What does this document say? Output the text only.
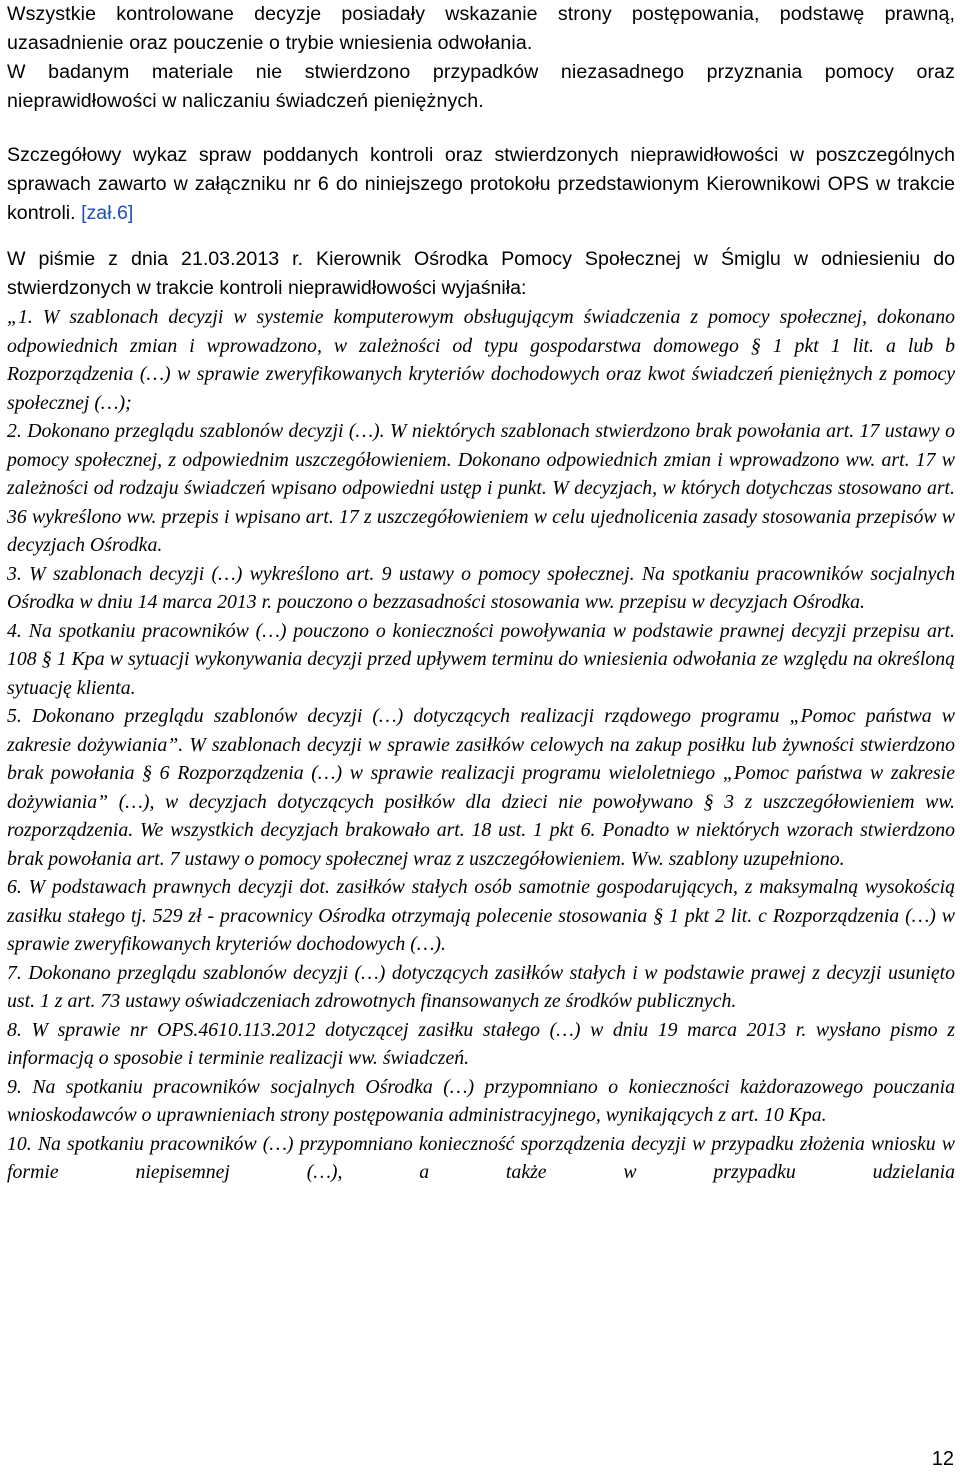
Wszystkie kontrolowane decyzje posiadały wskazanie strony postępowania, podstawę prawną, uzasadnienie oraz pouczenie o trybie wniesienia odwołania.

W badanym materiale nie stwierdzono przypadków niezasadnego przyznania pomocy oraz nieprawidłowości w naliczaniu świadczeń pieniężnych.

Szczegółowy wykaz spraw poddanych kontroli oraz stwierdzonych nieprawidłowości w poszczególnych sprawach zawarto w załączniku nr 6 do niniejszego protokołu przedstawionym Kierownikowi OPS w trakcie kontroli. [zał.6]

W piśmie z dnia 21.03.2013 r. Kierownik Ośrodka Pomocy Społecznej w Śmiglu w odniesieniu do stwierdzonych w trakcie kontroli nieprawidłowości wyjaśniła:

„1. W szablonach decyzji w systemie komputerowym obsługującym świadczenia z pomocy społecznej, dokonano odpowiednich zmian i wprowadzono, w zależności od typu gospodarstwa domowego § 1 pkt 1 lit. a lub b Rozporządzenia (…) w sprawie zweryfikowanych kryteriów dochodowych oraz kwot świadczeń pieniężnych z pomocy społecznej (…);

2. Dokonano przeglądu szablonów decyzji (…). W niektórych szablonach stwierdzono brak powołania art. 17 ustawy o pomocy społecznej, z odpowiednim uszczegółowieniem. Dokonano odpowiednich zmian i wprowadzono ww. art. 17 w zależności od rodzaju świadczeń wpisano odpowiedni ustęp i punkt. W decyzjach, w których dotychczas stosowano art. 36 wykreślono ww. przepis i wpisano art. 17 z uszczegółowieniem w celu ujednolicenia zasady stosowania przepisów w decyzjach Ośrodka.

3. W szablonach decyzji (…) wykreślono art. 9 ustawy o pomocy społecznej. Na spotkaniu pracowników socjalnych Ośrodka w dniu 14 marca 2013 r. pouczono o bezzasadności stosowania ww. przepisu w decyzjach Ośrodka.

4. Na spotkaniu pracowników (…) pouczono o konieczności powoływania w podstawie prawnej decyzji przepisu art. 108 § 1 Kpa w sytuacji wykonywania decyzji przed upływem terminu do wniesienia odwołania ze względu na określoną sytuację klienta.

5. Dokonano przeglądu szablonów decyzji (…) dotyczących realizacji rządowego programu „Pomoc państwa w zakresie dożywiania”. W szablonach decyzji w sprawie zasiłków celowych na zakup posiłku lub żywności stwierdzono brak powołania § 6 Rozporządzenia (…) w sprawie realizacji programu wieloletniego „Pomoc państwa w zakresie dożywiania” (…), w decyzjach dotyczących posiłków dla dzieci nie powoływano § 3 z uszczegółowieniem ww. rozporządzenia. We wszystkich decyzjach brakowało art. 18 ust. 1 pkt 6. Ponadto w niektórych wzorach stwierdzono brak powołania art. 7 ustawy o pomocy społecznej wraz z uszczegółowieniem. Ww. szablony uzupełniono.

6. W podstawach prawnych decyzji dot. zasiłków stałych osób samotnie gospodarujących, z maksymalną wysokością zasiłku stałego tj. 529 zł - pracownicy Ośrodka otrzymają polecenie stosowania § 1 pkt 2 lit. c Rozporządzenia (…) w sprawie zweryfikowanych kryteriów dochodowych (…).

7. Dokonano przeglądu szablonów decyzji (…) dotyczących zasiłków stałych i w podstawie prawej z decyzji usunięto ust. 1 z art. 73 ustawy oświadczeniach zdrowotnych finansowanych ze środków publicznych.

8. W sprawie nr OPS.4610.113.2012 dotyczącej zasiłku stałego (…) w dniu 19 marca 2013 r. wysłano pismo z informacją o sposobie i terminie realizacji ww. świadczeń.

9. Na spotkaniu pracowników socjalnych Ośrodka (…) przypomniano o konieczności każdorazowego pouczania wnioskodawców o uprawnieniach strony postępowania administracyjnego, wynikających z art. 10 Kpa.

10. Na spotkaniu pracowników (…) przypomniano konieczność sporządzenia decyzji w przypadku złożenia wniosku w formie niepisemnej (…), a także w przypadku udzielania

12
